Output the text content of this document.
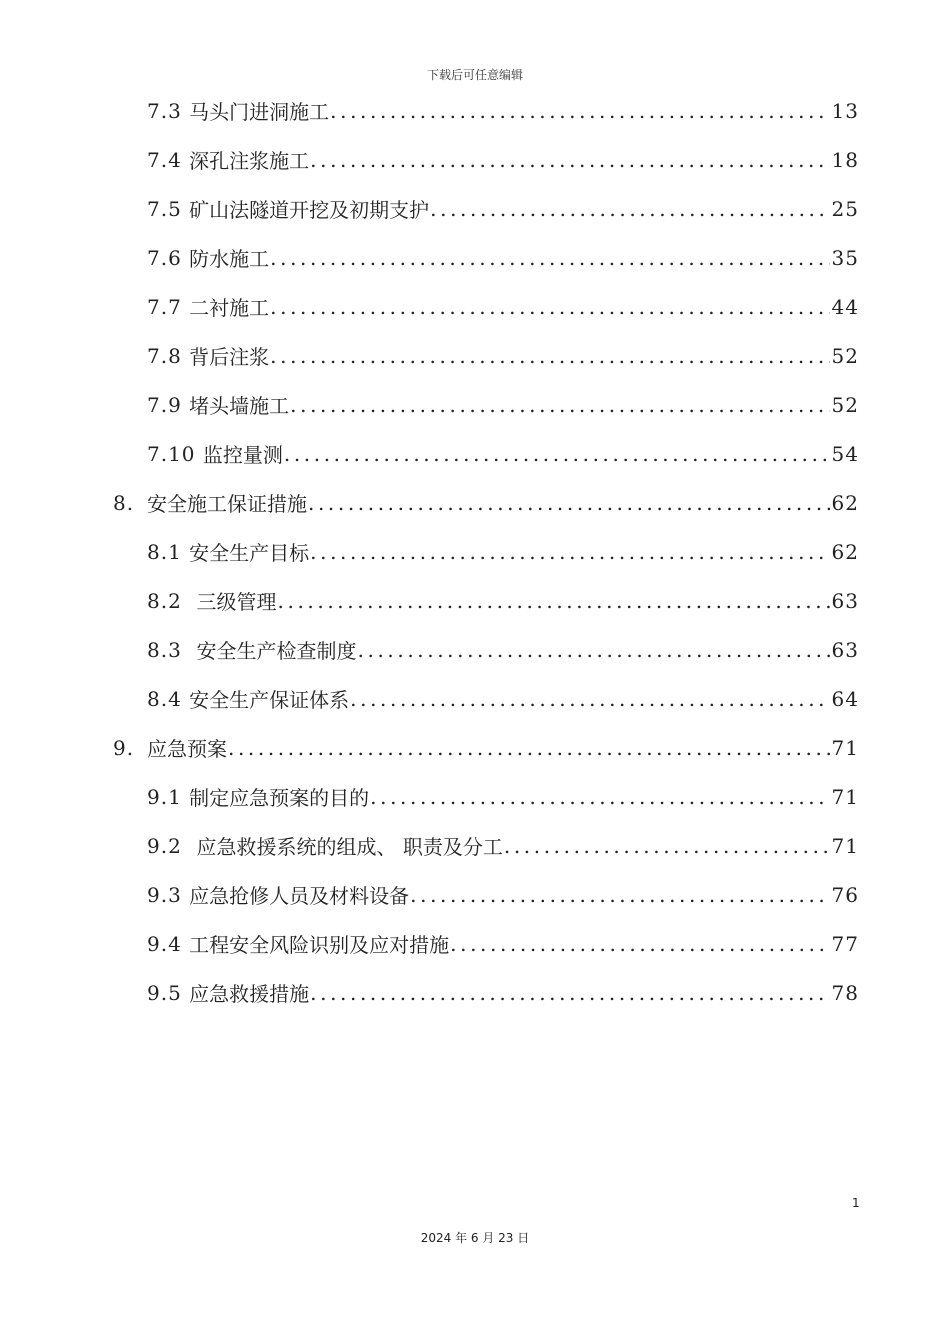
下载后可任意编辑
7.3 马头门进洞施工 .....	13
7.4 深孔注浆施工 .....	18
7.5 矿山法隧道开挖及初期支护 .....	25
7.6 防水施工 .....	35
7.7 二衬施工 .....	44
7.8 背后注浆 .....	52
7.9 堵头墙施工 .....	52
7.10 监控量测 .....	54
8. 安全施工保证措施 .....	62
8.1 安全生产目标 .....	62
8.2 三级管理 .....	63
8.3 安全生产检查制度 .....	63
8.4 安全生产保证体系 .....	64
9. 应急预案 .....	71
9.1 制定应急预案的目的 .....	71
9.2 应急救援系统的组成、 职责及分工 .....	71
9.3 应急抢修人员及材料设备 .....	76
9.4 工程安全风险识别及应对措施 .....	77
9.5 应急救援措施 .....	78
1
2024 年 6 月 23 日
